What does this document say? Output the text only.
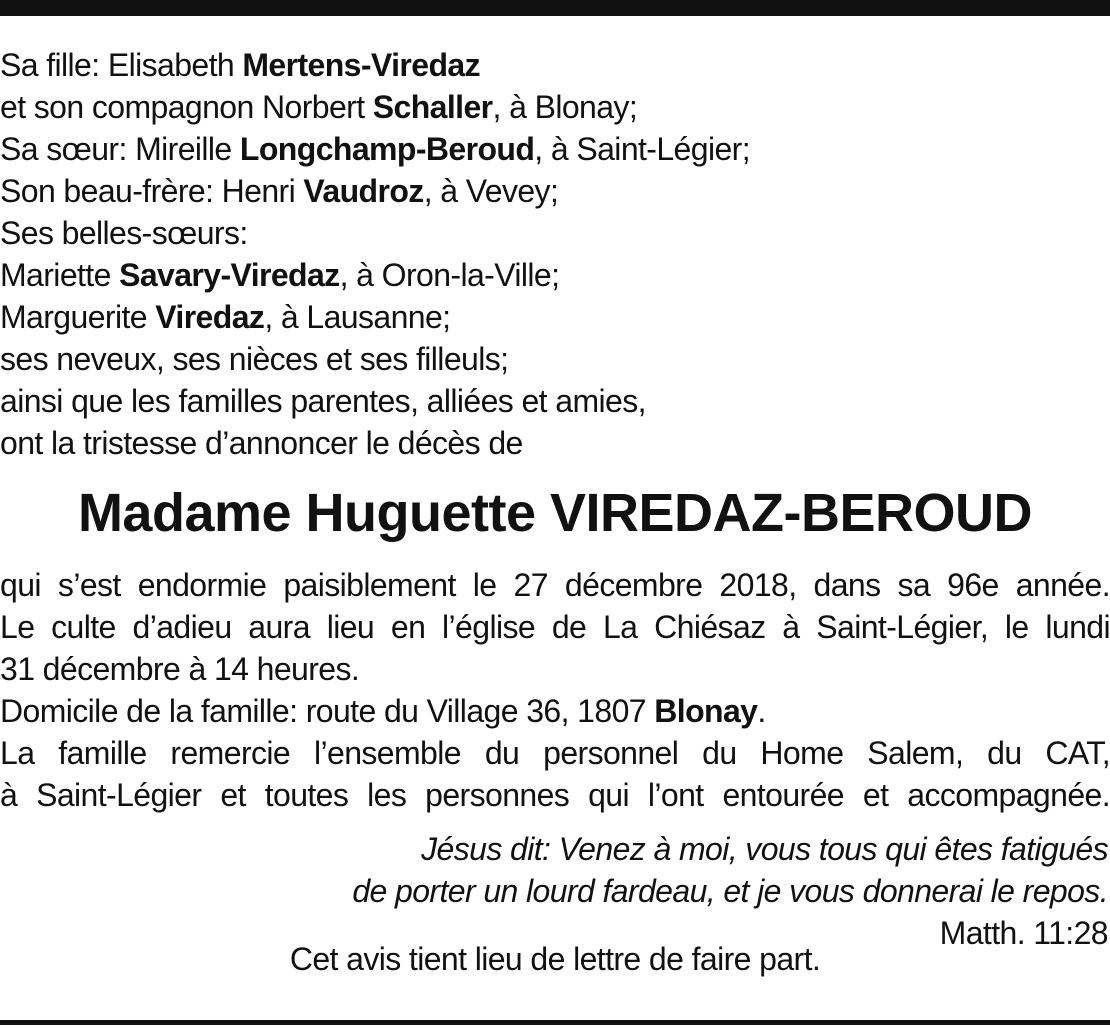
Sa fille: Elisabeth Mertens-Viredaz
et son compagnon Norbert Schaller, à Blonay;
Sa sœur: Mireille Longchamp-Beroud, à Saint-Légier;
Son beau-frère: Henri Vaudroz, à Vevey;
Ses belles-sœurs:
Mariette Savary-Viredaz, à Oron-la-Ville;
Marguerite Viredaz, à Lausanne;
ses neveux, ses nièces et ses filleuls;
ainsi que les familles parentes, alliées et amies,
ont la tristesse d’annoncer le décès de
Madame Huguette VIREDAZ-BEROUD
qui s’est endormie paisiblement le 27 décembre 2018, dans sa 96e année.
Le culte d’adieu aura lieu en l’église de La Chiésaz à Saint-Légier, le lundi
31 décembre à 14 heures.
Domicile de la famille: route du Village 36, 1807 Blonay.
La famille remercie l’ensemble du personnel du Home Salem, du CAT,
à Saint-Légier et toutes les personnes qui l’ont entourée et accompagnée.
Jésus dit: Venez à moi, vous tous qui êtes fatigués
de porter un lourd fardeau, et je vous donnerai le repos.
Matth. 11:28
Cet avis tient lieu de lettre de faire part.
